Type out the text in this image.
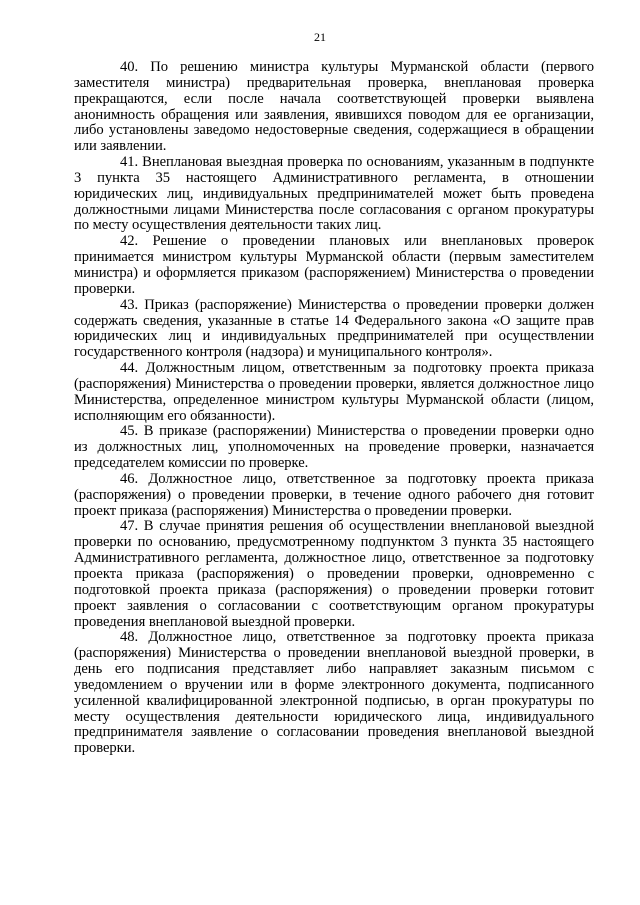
21

40. По решению министра культуры Мурманской области (первого заместителя министра) предварительная проверка, внеплановая проверка прекращаются, если после начала соответствующей проверки выявлена анонимность обращения или заявления, явившихся поводом для ее организации, либо установлены заведомо недостоверные сведения, содержащиеся в обращении или заявлении.

41. Внеплановая выездная проверка по основаниям, указанным в подпункте 3 пункта 35 настоящего Административного регламента, в отношении юридических лиц, индивидуальных предпринимателей может быть проведена должностными лицами Министерства после согласования с органом прокуратуры по месту осуществления деятельности таких лиц.

42. Решение о проведении плановых или внеплановых проверок принимается министром культуры Мурманской области (первым заместителем министра) и оформляется приказом (распоряжением) Министерства о проведении проверки.

43. Приказ (распоряжение) Министерства о проведении проверки должен содержать сведения, указанные в статье 14 Федерального закона «О защите прав юридических лиц и индивидуальных предпринимателей при осуществлении государственного контроля (надзора) и муниципального контроля».

44. Должностным лицом, ответственным за подготовку проекта приказа (распоряжения) Министерства о проведении проверки, является должностное лицо Министерства, определенное министром культуры Мурманской области (лицом, исполняющим его обязанности).

45. В приказе (распоряжении) Министерства о проведении проверки одно из должностных лиц, уполномоченных на проведение проверки, назначается председателем комиссии по проверке.

46. Должностное лицо, ответственное за подготовку проекта приказа (распоряжения) о проведении проверки, в течение одного рабочего дня готовит проект приказа (распоряжения) Министерства о проведении проверки.

47. В случае принятия решения об осуществлении внеплановой выездной проверки по основанию, предусмотренному подпунктом 3 пункта 35 настоящего Административного регламента, должностное лицо, ответственное за подготовку проекта приказа (распоряжения) о проведении проверки, одновременно с подготовкой проекта приказа (распоряжения) о проведении проверки готовит проект заявления о согласовании с соответствующим органом прокуратуры проведения внеплановой выездной проверки.

48. Должностное лицо, ответственное за подготовку проекта приказа (распоряжения) Министерства о проведении внеплановой выездной проверки, в день его подписания представляет либо направляет заказным письмом с уведомлением о вручении или в форме электронного документа, подписанного усиленной квалифицированной электронной подписью, в орган прокуратуры по месту осуществления деятельности юридического лица, индивидуального предпринимателя заявление о согласовании проведения внеплановой выездной проверки.
